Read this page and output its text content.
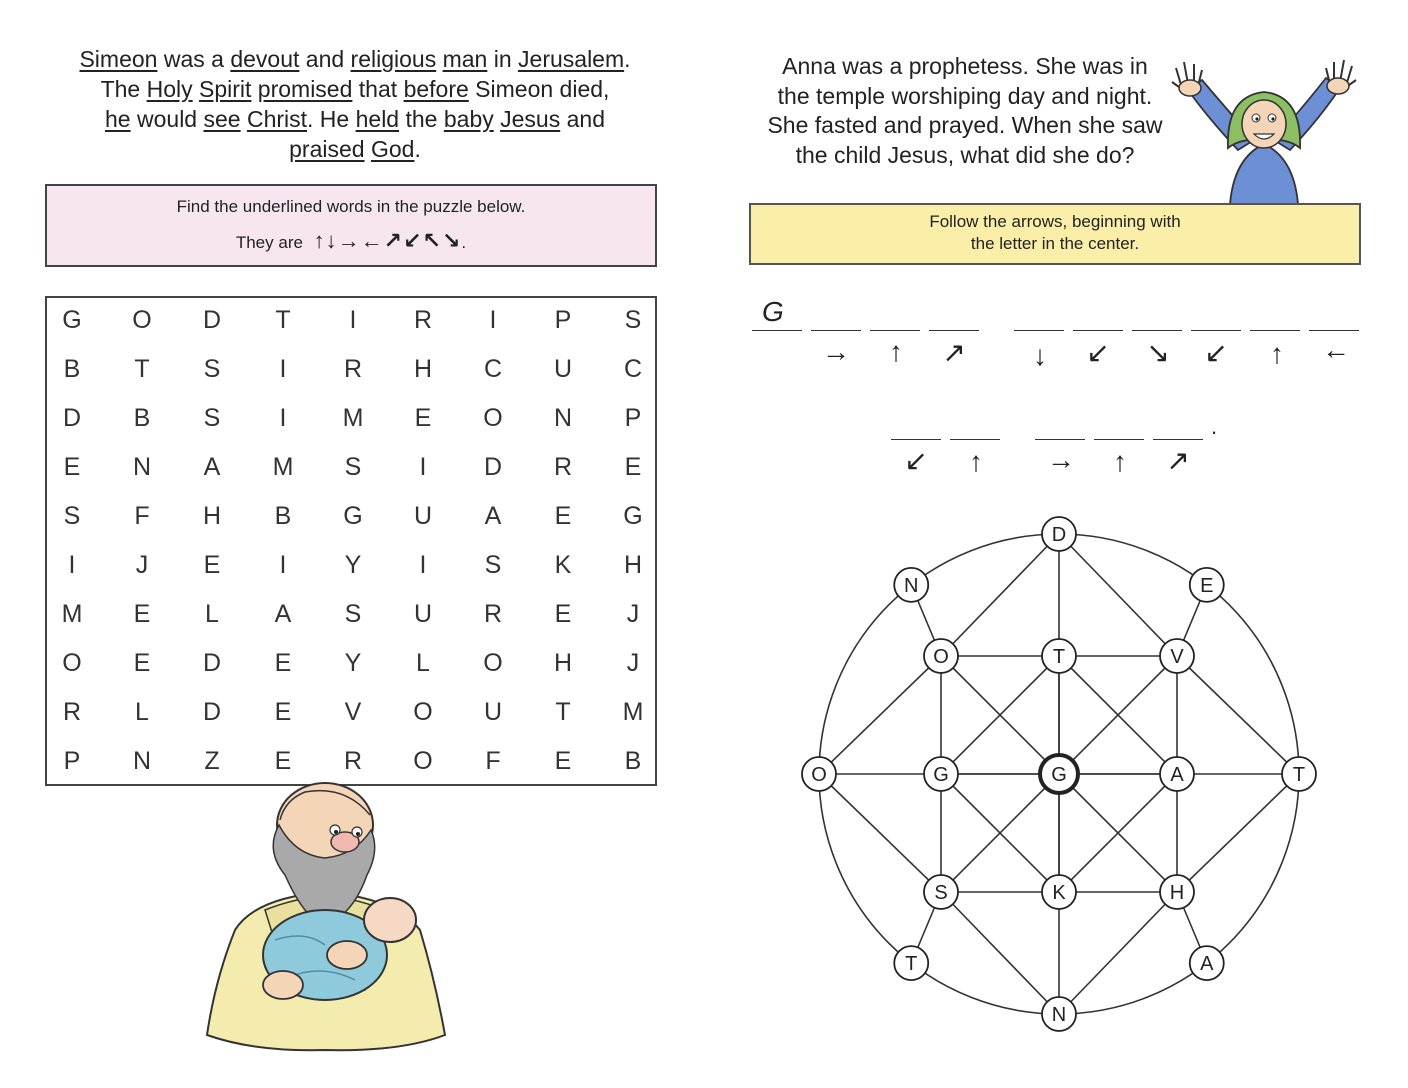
Simeon was a devout and religious man in Jerusalem.
The Holy Spirit promised that before Simeon died,
he would see Christ. He held the baby Jesus and
praised God.
Find the underlined words in the puzzle below.
They are ↑↓→←↗↙↖↘.
G	O	D	T	I	R	I	P	S
B	T	S	I	R	H	C	U	C
D	B	S	I	M	E	O	N	P
E	N	A	M	S	I	D	R	E
S	F	H	B	G	U	A	E	G
I	J	E	I	Y	I	S	K	H
M	E	L	A	S	U	R	E	J
O	E	D	E	Y	L	O	H	J
R	L	D	E	V	O	U	T	M
P	N	Z	E	R	O	F	E	B
Anna was a prophetess. She was in
the temple worshiping day and night.
She fasted and prayed. When she saw
the child Jesus, what did she do?
Follow the arrows, beginning with
the letter in the center.
G
→	↑	↗	↓	↙ ↘ ↙	↑	←
.
↙	↑	→	↑	↗
T	V
A
H
K
S
G
O
D
E
T
A
N
T
O
N
G
